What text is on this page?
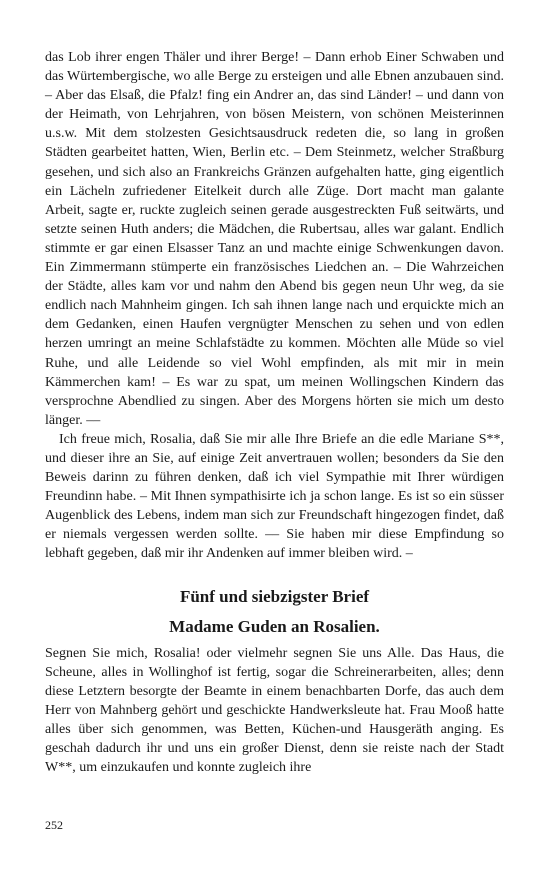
das Lob ihrer engen Thäler und ihrer Berge! – Dann erhob Einer Schwaben und das Würtembergische, wo alle Berge zu ersteigen und alle Ebnen anzubauen sind. – Aber das Elsaß, die Pfalz! fing ein Andrer an, das sind Länder! – und dann von der Heimath, von Lehrjahren, von bösen Meistern, von schönen Meisterinnen u.s.w. Mit dem stolzesten Gesichtsausdruck redeten die, so lang in großen Städten gearbeitet hatten, Wien, Berlin etc. – Dem Steinmetz, welcher Straßburg gesehen, und sich also an Frankreichs Gränzen aufgehalten hatte, ging eigentlich ein Lächeln zufriedener Eitelkeit durch alle Züge. Dort macht man galante Arbeit, sagte er, ruckte zugleich seinen gerade ausgestreckten Fuß seitwärts, und setzte seinen Huth anders; die Mädchen, die Rubertsau, alles war galant. Endlich stimmte er gar einen Elsasser Tanz an und machte einige Schwenkungen davon. Ein Zimmermann stümperte ein französisches Liedchen an. – Die Wahrzeichen der Städte, alles kam vor und nahm den Abend bis gegen neun Uhr weg, da sie endlich nach Mahnheim gingen. Ich sah ihnen lange nach und erquickte mich an dem Gedanken, einen Haufen vergnügter Menschen zu sehen und von edlen herzen umringt an meine Schlafstädte zu kommen. Möchten alle Müde so viel Ruhe, und alle Leidende so viel Wohl empfinden, als mit mir in mein Kämmerchen kam! – Es war zu spat, um meinen Wollingschen Kindern das versprochne Abendlied zu singen. Aber des Morgens hörten sie mich um desto länger. ––

Ich freue mich, Rosalia, daß Sie mir alle Ihre Briefe an die edle Mariane S**, und dieser ihre an Sie, auf einige Zeit anvertrauen wollen; besonders da Sie den Beweis darinn zu führen denken, daß ich viel Sympathie mit Ihrer würdigen Freundinn habe. – Mit Ihnen sympathisirte ich ja schon lange. Es ist so ein süsser Augenblick des Lebens, indem man sich zur Freundschaft hingezogen findet, daß er niemals vergessen werden sollte. –– Sie haben mir diese Empfindung so lebhaft gegeben, daß mir ihr Andenken auf immer bleiben wird. –

Fünf und siebzigster Brief
Madame Guden an Rosalien.

Segnen Sie mich, Rosalia! oder vielmehr segnen Sie uns Alle. Das Haus, die Scheune, alles in Wollinghof ist fertig, sogar die Schreinerarbeiten, alles; denn diese Letztern besorgte der Beamte in einem benachbarten Dorfe, das auch dem Herr von Mahnberg gehört und geschickte Handwerksleute hat. Frau Mooß hatte alles über sich genommen, was Betten, Küchen-und Hausgeräth anging. Es geschah dadurch ihr und uns ein großer Dienst, denn sie reiste nach der Stadt W**, um einzukaufen und konnte zugleich ihre

252
